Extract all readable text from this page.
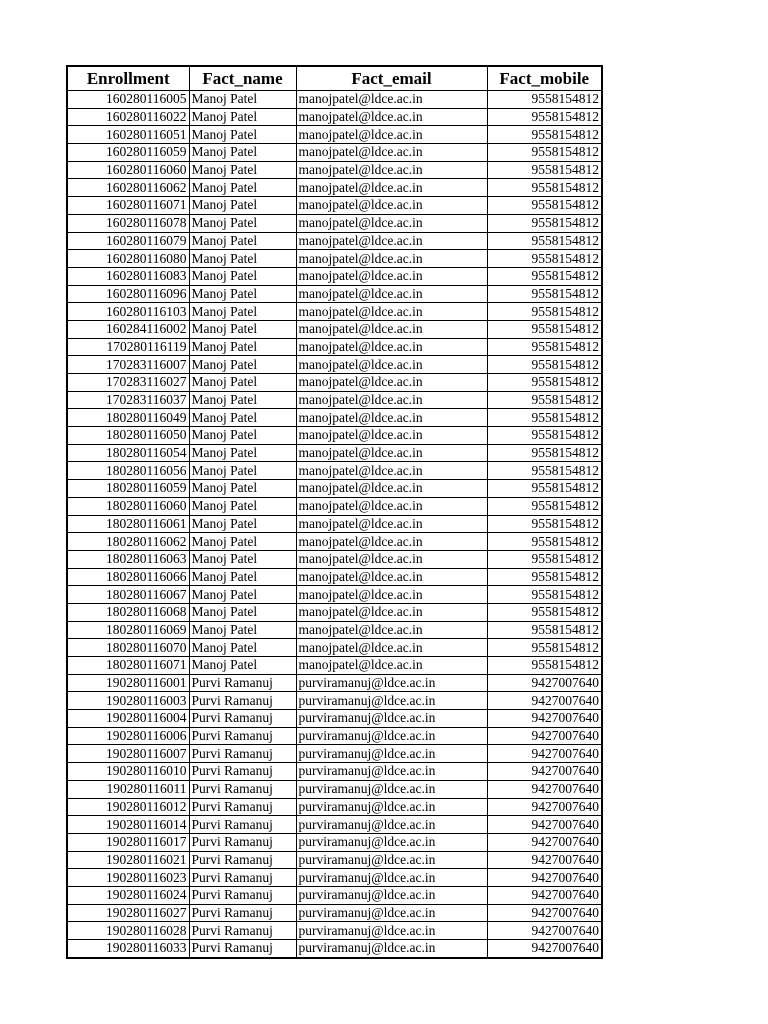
Enrollment	Fact_name	Fact_email	Fact_mobile
160280116005	Manoj Patel	manojpatel@ldce.ac.in	9558154812
160280116022	Manoj Patel	manojpatel@ldce.ac.in	9558154812
160280116051	Manoj Patel	manojpatel@ldce.ac.in	9558154812
160280116059	Manoj Patel	manojpatel@ldce.ac.in	9558154812
160280116060	Manoj Patel	manojpatel@ldce.ac.in	9558154812
160280116062	Manoj Patel	manojpatel@ldce.ac.in	9558154812
160280116071	Manoj Patel	manojpatel@ldce.ac.in	9558154812
160280116078	Manoj Patel	manojpatel@ldce.ac.in	9558154812
160280116079	Manoj Patel	manojpatel@ldce.ac.in	9558154812
160280116080	Manoj Patel	manojpatel@ldce.ac.in	9558154812
160280116083	Manoj Patel	manojpatel@ldce.ac.in	9558154812
160280116096	Manoj Patel	manojpatel@ldce.ac.in	9558154812
160280116103	Manoj Patel	manojpatel@ldce.ac.in	9558154812
160284116002	Manoj Patel	manojpatel@ldce.ac.in	9558154812
170280116119	Manoj Patel	manojpatel@ldce.ac.in	9558154812
170283116007	Manoj Patel	manojpatel@ldce.ac.in	9558154812
170283116027	Manoj Patel	manojpatel@ldce.ac.in	9558154812
170283116037	Manoj Patel	manojpatel@ldce.ac.in	9558154812
180280116049	Manoj Patel	manojpatel@ldce.ac.in	9558154812
180280116050	Manoj Patel	manojpatel@ldce.ac.in	9558154812
180280116054	Manoj Patel	manojpatel@ldce.ac.in	9558154812
180280116056	Manoj Patel	manojpatel@ldce.ac.in	9558154812
180280116059	Manoj Patel	manojpatel@ldce.ac.in	9558154812
180280116060	Manoj Patel	manojpatel@ldce.ac.in	9558154812
180280116061	Manoj Patel	manojpatel@ldce.ac.in	9558154812
180280116062	Manoj Patel	manojpatel@ldce.ac.in	9558154812
180280116063	Manoj Patel	manojpatel@ldce.ac.in	9558154812
180280116066	Manoj Patel	manojpatel@ldce.ac.in	9558154812
180280116067	Manoj Patel	manojpatel@ldce.ac.in	9558154812
180280116068	Manoj Patel	manojpatel@ldce.ac.in	9558154812
180280116069	Manoj Patel	manojpatel@ldce.ac.in	9558154812
180280116070	Manoj Patel	manojpatel@ldce.ac.in	9558154812
180280116071	Manoj Patel	manojpatel@ldce.ac.in	9558154812
190280116001	Purvi Ramanuj	purviramanuj@ldce.ac.in	9427007640
190280116003	Purvi Ramanuj	purviramanuj@ldce.ac.in	9427007640
190280116004	Purvi Ramanuj	purviramanuj@ldce.ac.in	9427007640
190280116006	Purvi Ramanuj	purviramanuj@ldce.ac.in	9427007640
190280116007	Purvi Ramanuj	purviramanuj@ldce.ac.in	9427007640
190280116010	Purvi Ramanuj	purviramanuj@ldce.ac.in	9427007640
190280116011	Purvi Ramanuj	purviramanuj@ldce.ac.in	9427007640
190280116012	Purvi Ramanuj	purviramanuj@ldce.ac.in	9427007640
190280116014	Purvi Ramanuj	purviramanuj@ldce.ac.in	9427007640
190280116017	Purvi Ramanuj	purviramanuj@ldce.ac.in	9427007640
190280116021	Purvi Ramanuj	purviramanuj@ldce.ac.in	9427007640
190280116023	Purvi Ramanuj	purviramanuj@ldce.ac.in	9427007640
190280116024	Purvi Ramanuj	purviramanuj@ldce.ac.in	9427007640
190280116027	Purvi Ramanuj	purviramanuj@ldce.ac.in	9427007640
190280116028	Purvi Ramanuj	purviramanuj@ldce.ac.in	9427007640
190280116033	Purvi Ramanuj	purviramanuj@ldce.ac.in	9427007640
